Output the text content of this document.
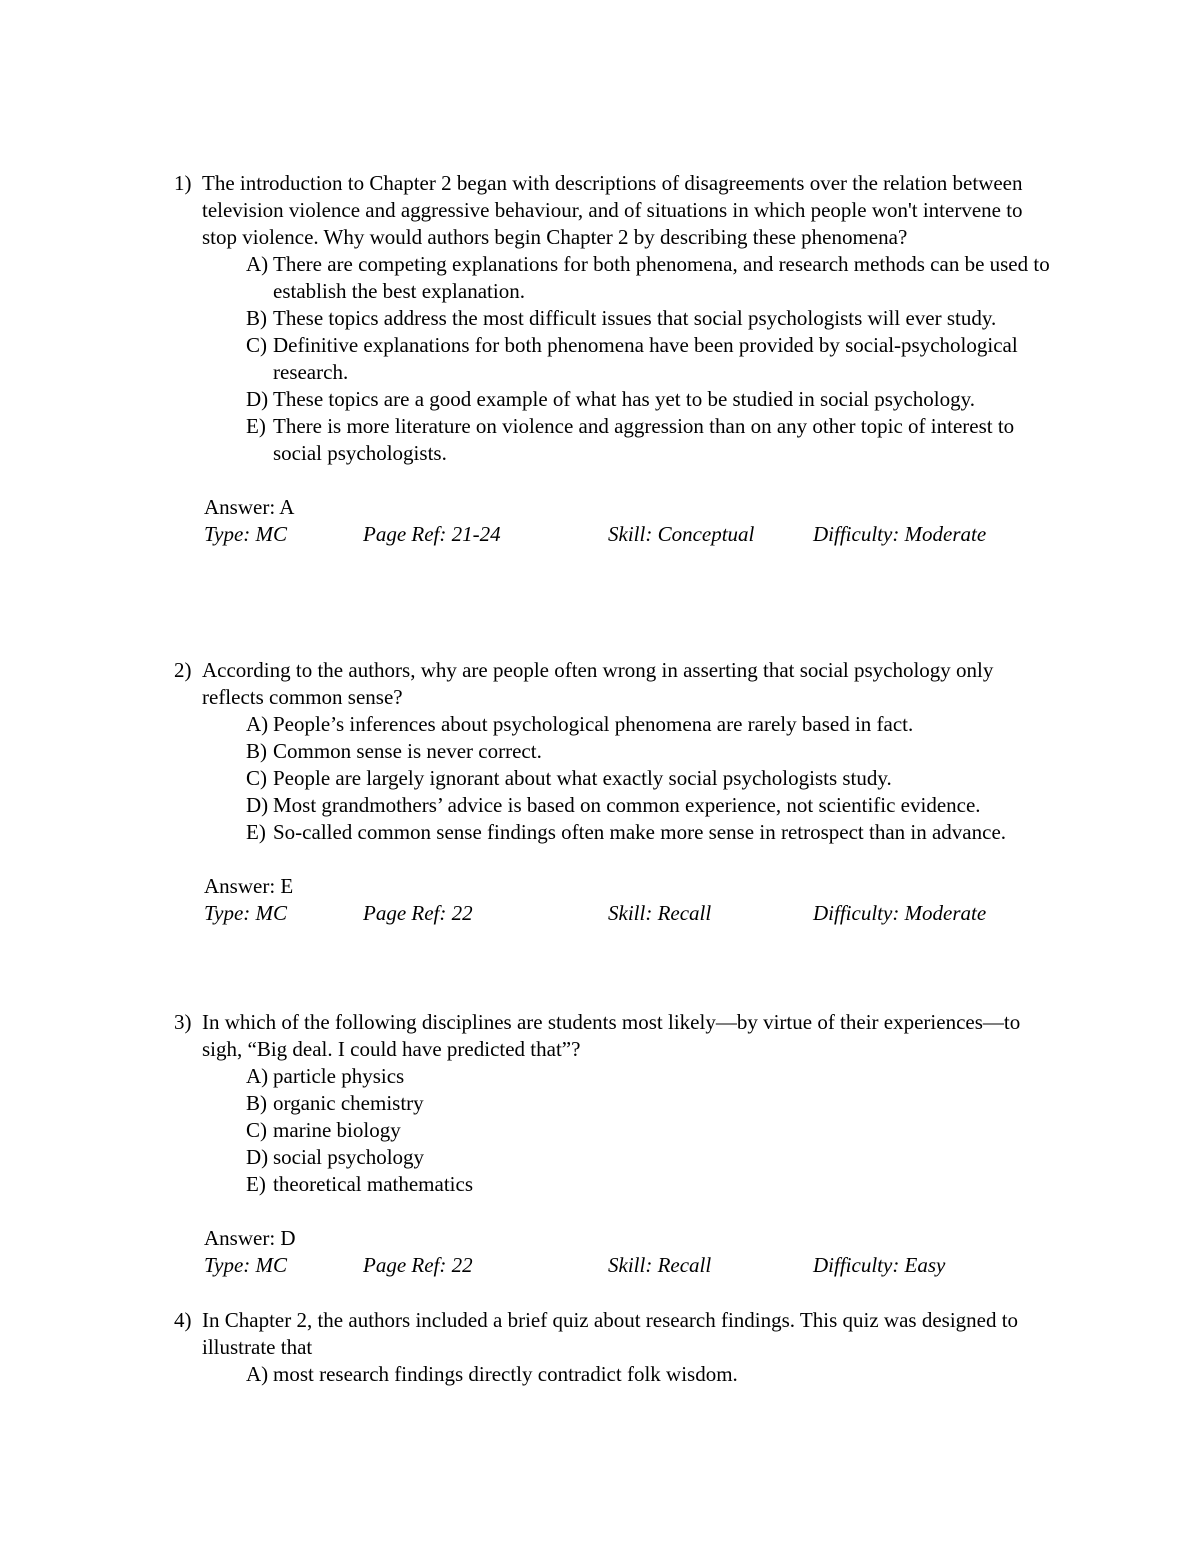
1) The introduction to Chapter 2 began with descriptions of disagreements over the relation between television violence and aggressive behaviour, and of situations in which people won't intervene to stop violence. Why would authors begin Chapter 2 by describing these phenomena?
A) There are competing explanations for both phenomena, and research methods can be used to establish the best explanation.
B) These topics address the most difficult issues that social psychologists will ever study.
C) Definitive explanations for both phenomena have been provided by social-psychological research.
D) These topics are a good example of what has yet to be studied in social psychology.
E) There is more literature on violence and aggression than on any other topic of interest to social psychologists.
Answer: A
Type: MC	Page Ref: 21-24	Skill: Conceptual	Difficulty: Moderate
2) According to the authors, why are people often wrong in asserting that social psychology only reflects common sense?
A) People’s inferences about psychological phenomena are rarely based in fact.
B) Common sense is never correct.
C) People are largely ignorant about what exactly social psychologists study.
D) Most grandmothers’ advice is based on common experience, not scientific evidence.
E) So-called common sense findings often make more sense in retrospect than in advance.
Answer: E
Type: MC	Page Ref: 22	Skill: Recall	Difficulty: Moderate
3) In which of the following disciplines are students most likely—by virtue of their experiences—to sigh, “Big deal. I could have predicted that”?
A) particle physics
B) organic chemistry
C) marine biology
D) social psychology
E) theoretical mathematics
Answer: D
Type: MC	Page Ref: 22	Skill: Recall	Difficulty: Easy
4) In Chapter 2, the authors included a brief quiz about research findings. This quiz was designed to illustrate that
A) most research findings directly contradict folk wisdom.
